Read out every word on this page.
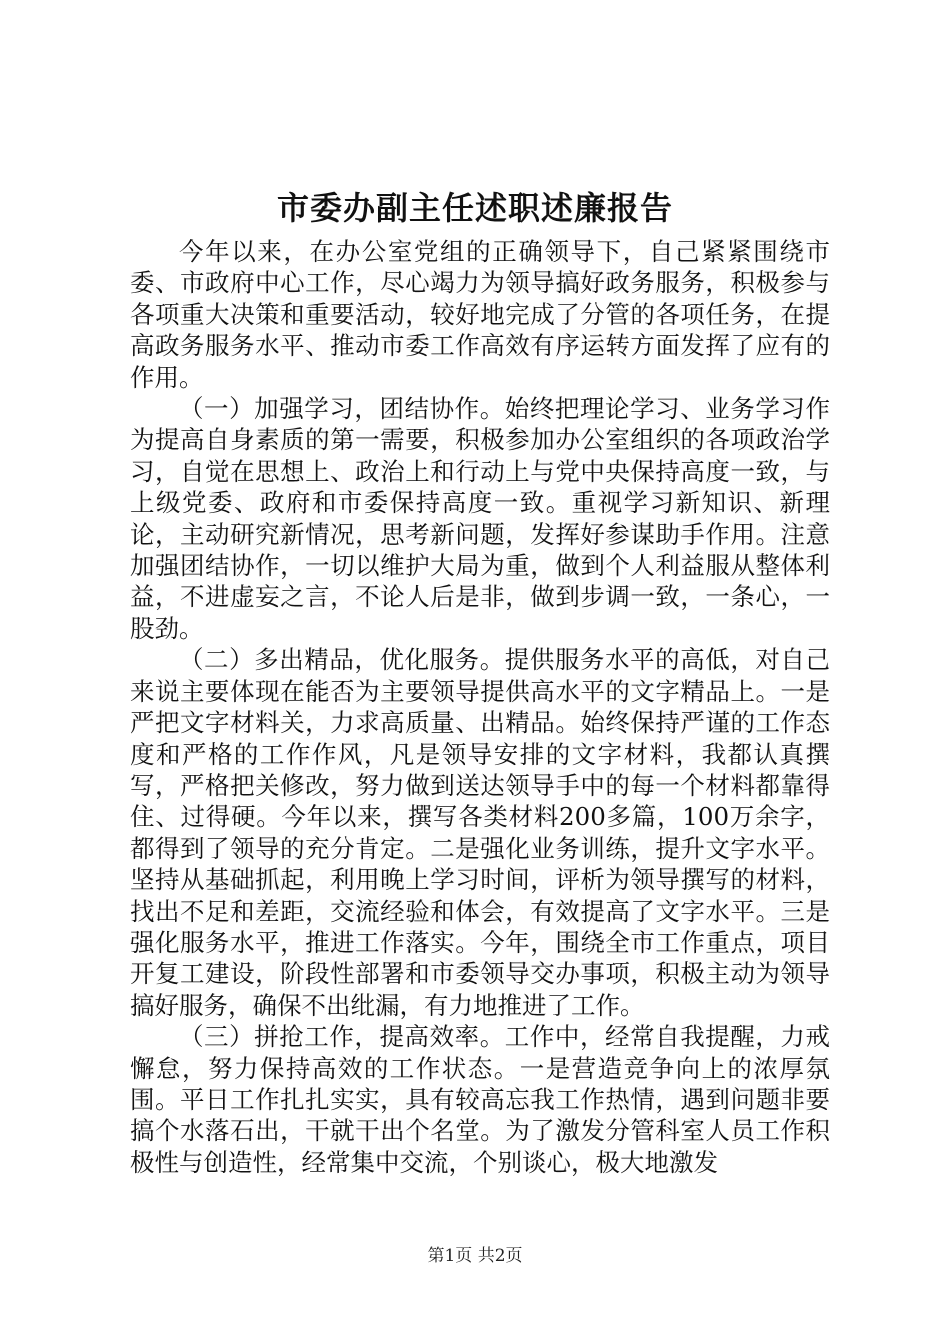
市委办副主任述职述廉报告

今年以来，在办公室党组的正确领导下，自己紧紧围绕市委、市政府中心工作，尽心竭力为领导搞好政务服务，积极参与各项重大决策和重要活动，较好地完成了分管的各项任务，在提高政务服务水平、推动市委工作高效有序运转方面发挥了应有的作用。

（一）加强学习，团结协作。始终把理论学习、业务学习作为提高自身素质的第一需要，积极参加办公室组织的各项政治学习，自觉在思想上、政治上和行动上与党中央保持高度一致，与上级党委、政府和市委保持高度一致。重视学习新知识、新理论，主动研究新情况，思考新问题，发挥好参谋助手作用。注意加强团结协作，一切以维护大局为重，做到个人利益服从整体利益，不进虚妄之言，不论人后是非，做到步调一致，一条心，一股劲。

（二）多出精品，优化服务。提供服务水平的高低，对自己来说主要体现在能否为主要领导提供高水平的文字精品上。一是严把文字材料关，力求高质量、出精品。始终保持严谨的工作态度和严格的工作作风，凡是领导安排的文字材料，我都认真撰写，严格把关修改，努力做到送达领导手中的每一个材料都靠得住、过得硬。今年以来，撰写各类材料200多篇，100万余字，都得到了领导的充分肯定。二是强化业务训练，提升文字水平。坚持从基础抓起，利用晚上学习时间，评析为领导撰写的材料，找出不足和差距，交流经验和体会，有效提高了文字水平。三是强化服务水平，推进工作落实。今年，围绕全市工作重点，项目开复工建设，阶段性部署和市委领导交办事项，积极主动为领导搞好服务，确保不出纰漏，有力地推进了工作。

（三）拼抢工作，提高效率。工作中，经常自我提醒，力戒懈怠，努力保持高效的工作状态。一是营造竞争向上的浓厚氛围。平日工作扎扎实实，具有较高忘我工作热情，遇到问题非要搞个水落石出，干就干出个名堂。为了激发分管科室人员工作积极性与创造性，经常集中交流，个别谈心，极大地激发

第1页 共2页
